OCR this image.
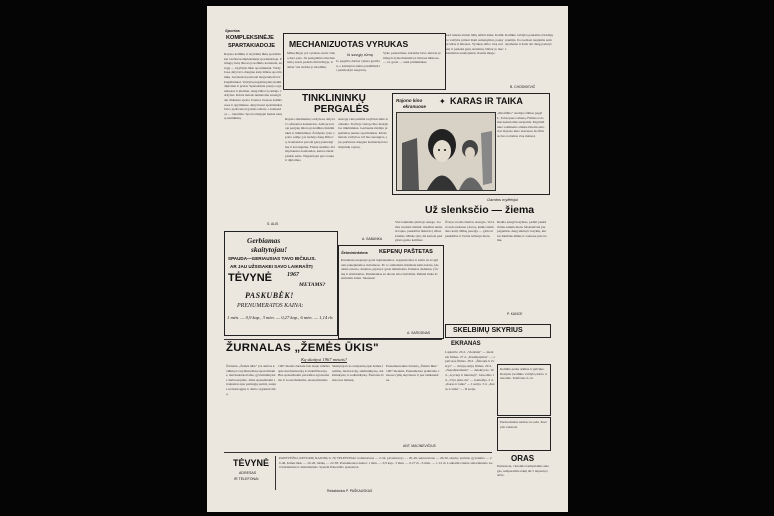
Sportas
KOMPLEKSINĖJE
SPARTAKIADOJE
Rajono kolūkių ir tarybinių ūkių sportininkai varžėsi kompleksinėje spartakiadoje. Pirmąją vietą iškovojo kolūkio komanda, antrąją — tarybinio ūkio sportininkai. Varžybose dalyvavo daugiau kaip šimtas sportininkų. Geriausiai pasirodė lengvaatlečiai ir krepšininkai. Varžybų nugalėtojams įteikti diplomai ir prizai. Spartakiada praėjo organizuotai ir įdomiai, daug žiūrovų stebėjo varžybas. Kitais metais numatoma surengti dar didesnes sporto šventes visuose kolūkiuose ir apylinkėse. Aktyviausi sportininkai buvo apdovanoti garbės raštais, o komandos — taurėmis. Sporto mėgėjai laukia naujų susitikimų.
S. ALIS
MECHANIZUOTAS VYRUKAS
Mūsų ūkyje yra vyrukas, kuris viską daro pats. Jis pasigamino mechanizmą, kuris padeda dirbti ūkyje, ir dabar visi stebisi jo išradimu.
Iš savųjų rūmų
Jo pagalba darbas vyksta greičiau, o kaimynai ateina pasižiūrėti ir pasimokyti naujovių.
Vyko pasitarimas, kuriame buvo nutarta pritaikyti šį mechanizmą ir kituose ūkiuose. — O, gerai — sakė pirmininkas.
kad rudens darbai būtų atlikti laiku. Kolūkio valdyba pritarė šiam sumanymui, paskyrė lėšas ir žmones. Vyrukas dirbo visą rudenį ir pasiekė gerų rezultatų. Dabar jo mechanizmas naudojamas visame ūkyje.
Kolūkio valdyba paskatino išradėją premija. Jis ruošiasi naujiems sumanymams ir žada dar daug padaryti.
B. CHODKIEVIČ
TINKLININKŲ
PERGALĖS
Rajono tinklininkų varžybose dalyvavo aštuonios komandos. Aršioje kovoje pergalę iškovojo kolūkio tinklininkės ir tinklininkai. Žaidynės vyko sporto salėje, jas stebėjo daug žiūrovų. Komandos parodė gerą pasirengimą ir kovingumą. Finale susitiko dvi stipriausios komandos, kurios žaidė penkis setus. Nugalėtojai gavo taurę ir diplomus.
Antrąją vietą užėmė tarybinio ūkio komanda. Trečioje vietoje liko mokyklos tinklininkai. Geriausiu žaidėju pripažintas jaunas sportininkas. Kitais metais varžybos vėl bus surengtos, į jas pakviesta daugiau komandų iš kaimyninių rajonų.
A. SABANKA
Rajono kino
ekranuose
✦ KARAS IR TAIKA
„Mosfilmo" studijos filmas pagal L. Tolstojaus romaną. Filmas rodomas keturiomis serijomis. Pagrindinius vaidmenis atlieka žinomi aktoriai. Rajono kino teatruose šis filmas bus rodomas visą mėnesį.
Gamtos mylėtojui
Už slenksčio — žiema
Visi laukiame pirmojo sniego. Gamta ruošiasi žiemai: medžiai numetė lapus, paukščiai išskrido į šiltus kraštus. Miške tylu, tik kartais pasigirsta genio kalimas.
Žvėrys ruošia žiemos atsargas. Voverė neša riešutus į drevę, kiškis išsimaino kailį. Mūsų pareiga — globoti paukščius ir žvėris šaltuoju metu.
Reikia įrengti lesyklas, padėti paukščiams sunkiu metu. Moksleiviai jau pagamino daug inkilų ir lesyklų, kurias iškabins miške ir soduose prie namų.
P. KANCE
Gerbiamas
skaitytojau!
SPAUDA—GERIAUSIAS TAVO BIČIULIS.
AR JAU UŽSISAKEI SAVO LAIKRAŠTĮ
TĖVYNĖ 1967
METAMS?
PASKUBĖK!
PRENUMERATOS KAINA:
1 mėn. — 0,9 kap., 3 mėn. — 0,27 kap., 6 mėn. — 1,14 rb.
Šeimininkėms KEPENŲ PAŠTETAS
Kiaulienos kepenys gerai nuplaunamos, supjaustomos ir kartu su svogūnais pakepinamos riebaluose. Po to sumalama mėsmale kelis kartus, įdedama sviesto, druskos, pipirų ir gerai išmaišoma. Paštetas dedamas į formą ir atšaldomas. Patiekiamas su duona arba bulvėmis. Puikiai tinka šventiniam stalui. Skanaus!
A. SARGŪNAS
ŽURNALAS „ŽEMĖS ŪKIS"
Ką skaitysi 1967 metais?
Žurnalas „Žemės ūkis" yra skirtas kolūkių ir tarybinių ūkių specialistams, mechanizatoriams, gyvulininkystės darbuotojams. Jame spausdinami straipsniai apie pažangią patirtį, naujas technologijas ir darbo organizavimą.
1967 metais žurnale bus nauja rubrika apie mechanizaciją ir elektrifikaciją. Bus spausdinami patarimai agronomams ir zootechnikams, ekonomistams.
Skaitytojai ras straipsnių apie žemės tręšimą, melioraciją, sėklininkystę, daržininkystę ir sodininkystę. Žurnalas išeina kas mėnesį.
Prenumeruokite žurnalą „Žemės ūkis" 1967 metams. Prenumerata priimama visuose ryšių skyriuose ir pas laiškanešius.
ANT. MACINEVIČIUS
SKELBIMŲ SKYRIUS
EKRANAS
Lapkričio 26 d. „Vienišiai" — meninis filmas. 27 d. „Pasimatymas" — spalvotas filmas. 28 d. „Žmonės ir žvėrys" — dviejų serijų filmas. 29 d. „Nepažįstamasis" — detektyvas. 30 d. „Gyvieji ir mirusieji". Gruodžio 1 d. „Trys plius du" — komedija. 2 d. „Karas ir taika" — I serija. 3 d. „Karas ir taika" — II serija.
Kolūkis perka arklius ir galvijus. Kreiptis į kolūkio valdybą darbo dienomis. Telefonas 2-14.
Parduodamas namas su sodu. Kreiptis vakarais.
ORAS
Debesuota, vietomis trumpalaikis sniegas, temperatūra naktį iki 5 laipsnių šalčio.
TĖVYNĖ
ADRESAS
IR TELEFONAI
PANEVĖŽIO, KETURIŲ RAJONŲ ir JŲ TELEFONAI: redaktoriaus — 2-34, pavaduotojo — 20-49, sekretoriaus — 26-56, skyrių: partinio gyvenimo — 20-46, žemės ūkio — 20-26, laiškų — 22-38. Prenumeratos kaina: 1 mėn. — 0,9 kap., 3 mėn. — 0,27 rb., 6 mėn. — 1,14 rb. Laikraštis išeina antradieniais, ketvirtadieniais ir šeštadieniais. Spaudė Panevėžio spaustuvė.
Redaktorius P. PAŠKAUSKAS
